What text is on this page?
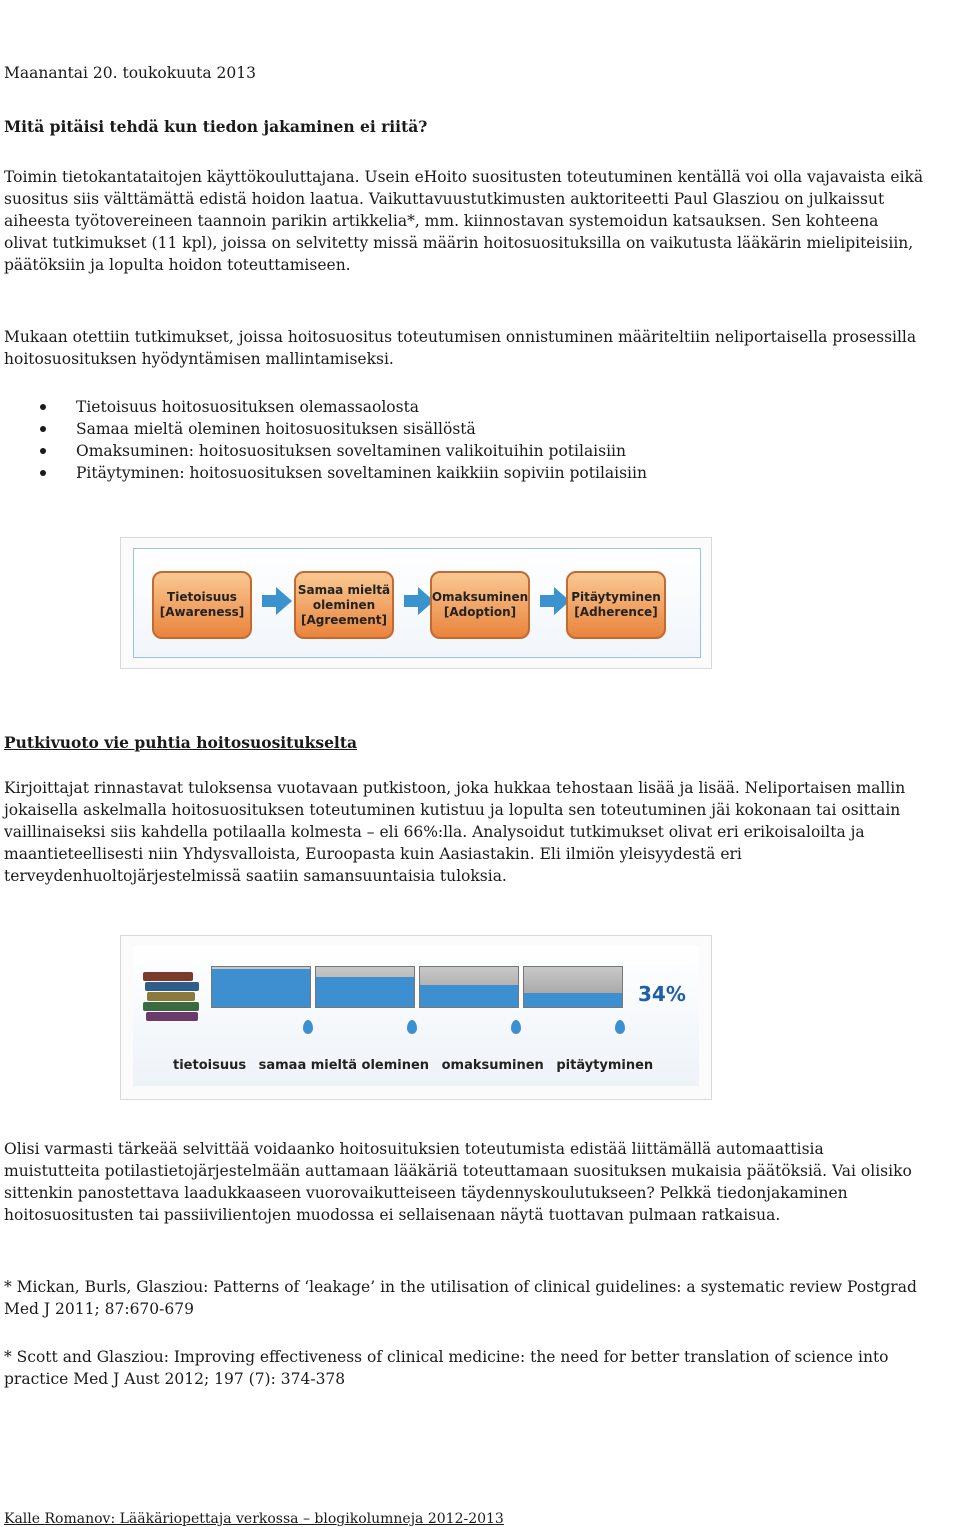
Maanantai 20. toukokuuta 2013

Mitä pitäisi tehdä kun tiedon jakaminen ei riitä?

Toimin tietokantataitojen käyttökouluttajana. Usein eHoito suositusten toteutuminen kentällä voi olla vajavaista eikä suositus siis välttämättä edistä hoidon laatua. Vaikuttavuustutkimusten auktoriteetti Paul Glasziou on julkaissut aiheesta työtovereineen taannoin parikin artikkelia*, mm. kiinnostavan systemoidun katsauksen. Sen kohteena olivat tutkimukset (11 kpl), joissa on selvitetty missä määrin hoitosuosituksilla on vaikutusta lääkärin mielipiteisiin, päätöksiin ja lopulta hoidon toteuttamiseen.

Mukaan otettiin tutkimukset, joissa hoitosuositus toteutumisen onnistuminen määriteltiin neliportaisella prosessilla hoitosuosituksen hyödyntämisen mallintamiseksi.

Tietoisuus hoitosuosituksen olemassaolosta
Samaa mieltä oleminen hoitosuosituksen sisällöstä
Omaksuminen: hoitosuosituksen soveltaminen valikoituihin potilaisiin
Pitäytyminen: hoitosuosituksen soveltaminen kaikkiin sopiviin potilaisiin

Putkivuoto vie puhtia hoitosuositukselta

Kirjoittajat rinnastavat tuloksensa vuotavaan putkistoon, joka hukkaa tehostaan lisää ja lisää. Neliportaisen mallin jokaisella askelmalla hoitosuosituksen toteutuminen kutistuu ja lopulta sen toteutuminen jäi kokonaan tai osittain vaillinaiseksi siis kahdella potilaalla kolmesta – eli 66%:lla. Analysoidut tutkimukset olivat eri erikoisaloilta ja maantieteellisesti niin Yhdysvalloista, Euroopasta kuin Aasiastakin. Eli ilmiön yleisyydestä eri terveydenhuoltojärjestelmissä saatiin samansuuntaisia tuloksia.

Olisi varmasti tärkeää selvittää voidaanko hoitosuituksien toteutumista edistää liittämällä automaattisia muistutteita potilastietojärjestelmään auttamaan lääkäriä toteuttamaan suosituksen mukaisia päätöksiä. Vai olisiko sittenkin panostettava laadukkaaseen vuorovaikutteiseen täydennyskoulutukseen? Pelkkä tiedonjakaminen hoitosuositusten tai passiivilientojen muodossa ei sellaisenaan näytä tuottavan pulmaan ratkaisua.

* Mickan, Burls, Glasziou: Patterns of ‘leakage’ in the utilisation of clinical guidelines: a systematic review Postgrad Med J 2011; 87:670-679

* Scott and Glasziou: Improving effectiveness of clinical medicine: the need for better translation of science into practice Med J Aust 2012; 197 (7): 374-378

Kalle Romanov: Lääkäriopettaja verkossa – blogikolumneja 2012-2013

Tietoisuus
[Awareness]
Samaa mieltä
oleminen
[Agreement]
Omaksuminen
[Adoption]
Pitäytyminen
[Adherence]
34%
tietoisuus samaa mieltä oleminen omaksuminen pitäytyminen
